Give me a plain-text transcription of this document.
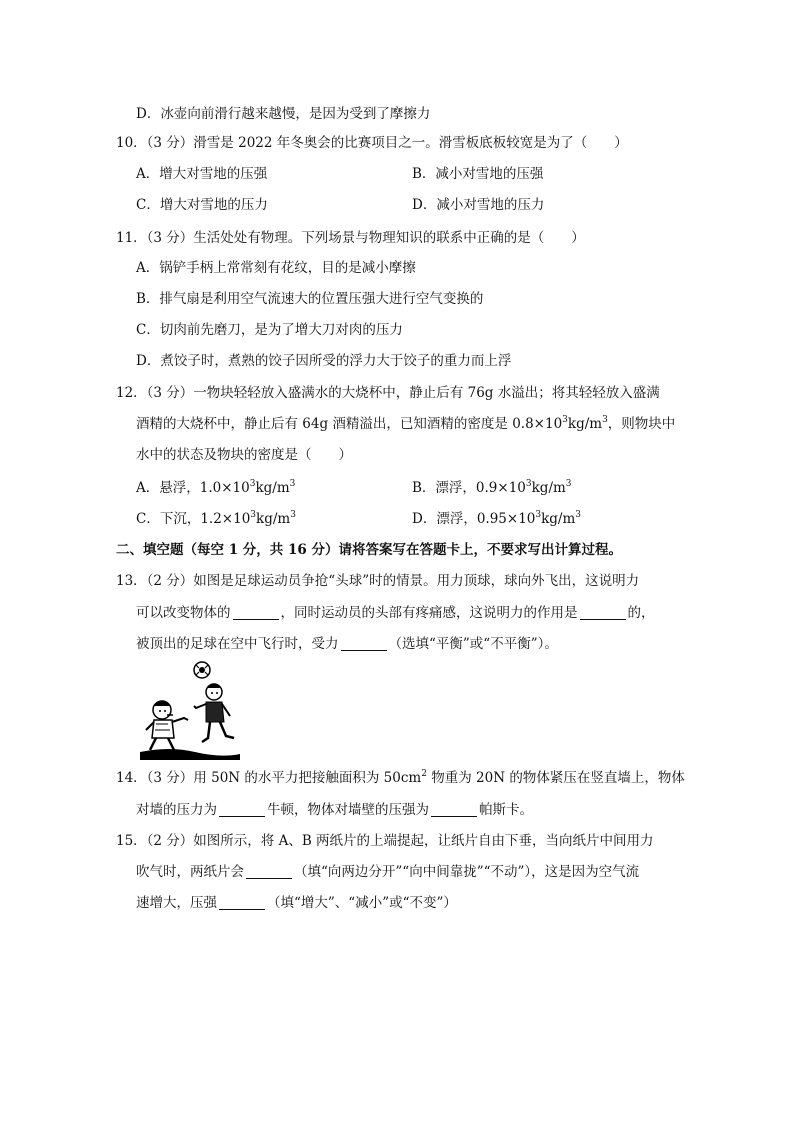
D．冰壶向前滑行越来越慢，是因为受到了摩擦力
10．（3 分）滑雪是 2022 年冬奥会的比赛项目之一。滑雪板底板较宽是为了（　　）
A．增大对雪地的压强	B．减小对雪地的压强
C．增大对雪地的压力	D．减小对雪地的压力
11．（3 分）生活处处有物理。下列场景与物理知识的联系中正确的是（　　）
A．锅铲手柄上常常刻有花纹，目的是减小摩擦
B．排气扇是利用空气流速大的位置压强大进行空气变换的
C．切肉前先磨刀，是为了增大刀对肉的压力
D．煮饺子时，煮熟的饺子因所受的浮力大于饺子的重力而上浮
12．（3 分）一物块轻轻放入盛满水的大烧杯中，静止后有 76g 水溢出；将其轻轻放入盛满
酒精的大烧杯中，静止后有 64g 酒精溢出，已知酒精的密度是 $0.8\times 10^3kg/m^3$，则物块中
水中的状态及物块的密度是（　　）
A．悬浮，$1.0\times 10^3kg/m^3$	B．漂浮，$0.9\times 10^3kg/m^3$
C．下沉，$1.2\times 10^3kg/m^3$	D．漂浮，$0.95\times 10^3kg/m^3$
二、填空题（每空 1 分，共 16 分）请将答案写在答题卡上，不要求写出计算过程。
13．（2 分）如图是足球运动员争抢“头球”时的情景。用力顶球，球向外飞出，这说明力
可以改变物体的	，同时运动员的头部有疼痛感，这说明力的作用是	的，
被顶出的足球在空中飞行时，受力	（选填“平衡”或“不平衡”）。
14．（3 分）用 50N 的水平力把接触面积为 $50cm^2$ 物重为 20N 的物体紧压在竖直墙上，物体
对墙的压力为	牛顿，物体对墙壁的压强为	帕斯卡。
15．（2 分）如图所示，将 A、B 两纸片的上端提起，让纸片自由下垂，当向纸片中间用力
吹气时，两纸片会	（填“向两边分开”“向中间靠拢”“不动”），这是因为空气流
速增大，压强	（填“增大”、“减小”或“不变”）
